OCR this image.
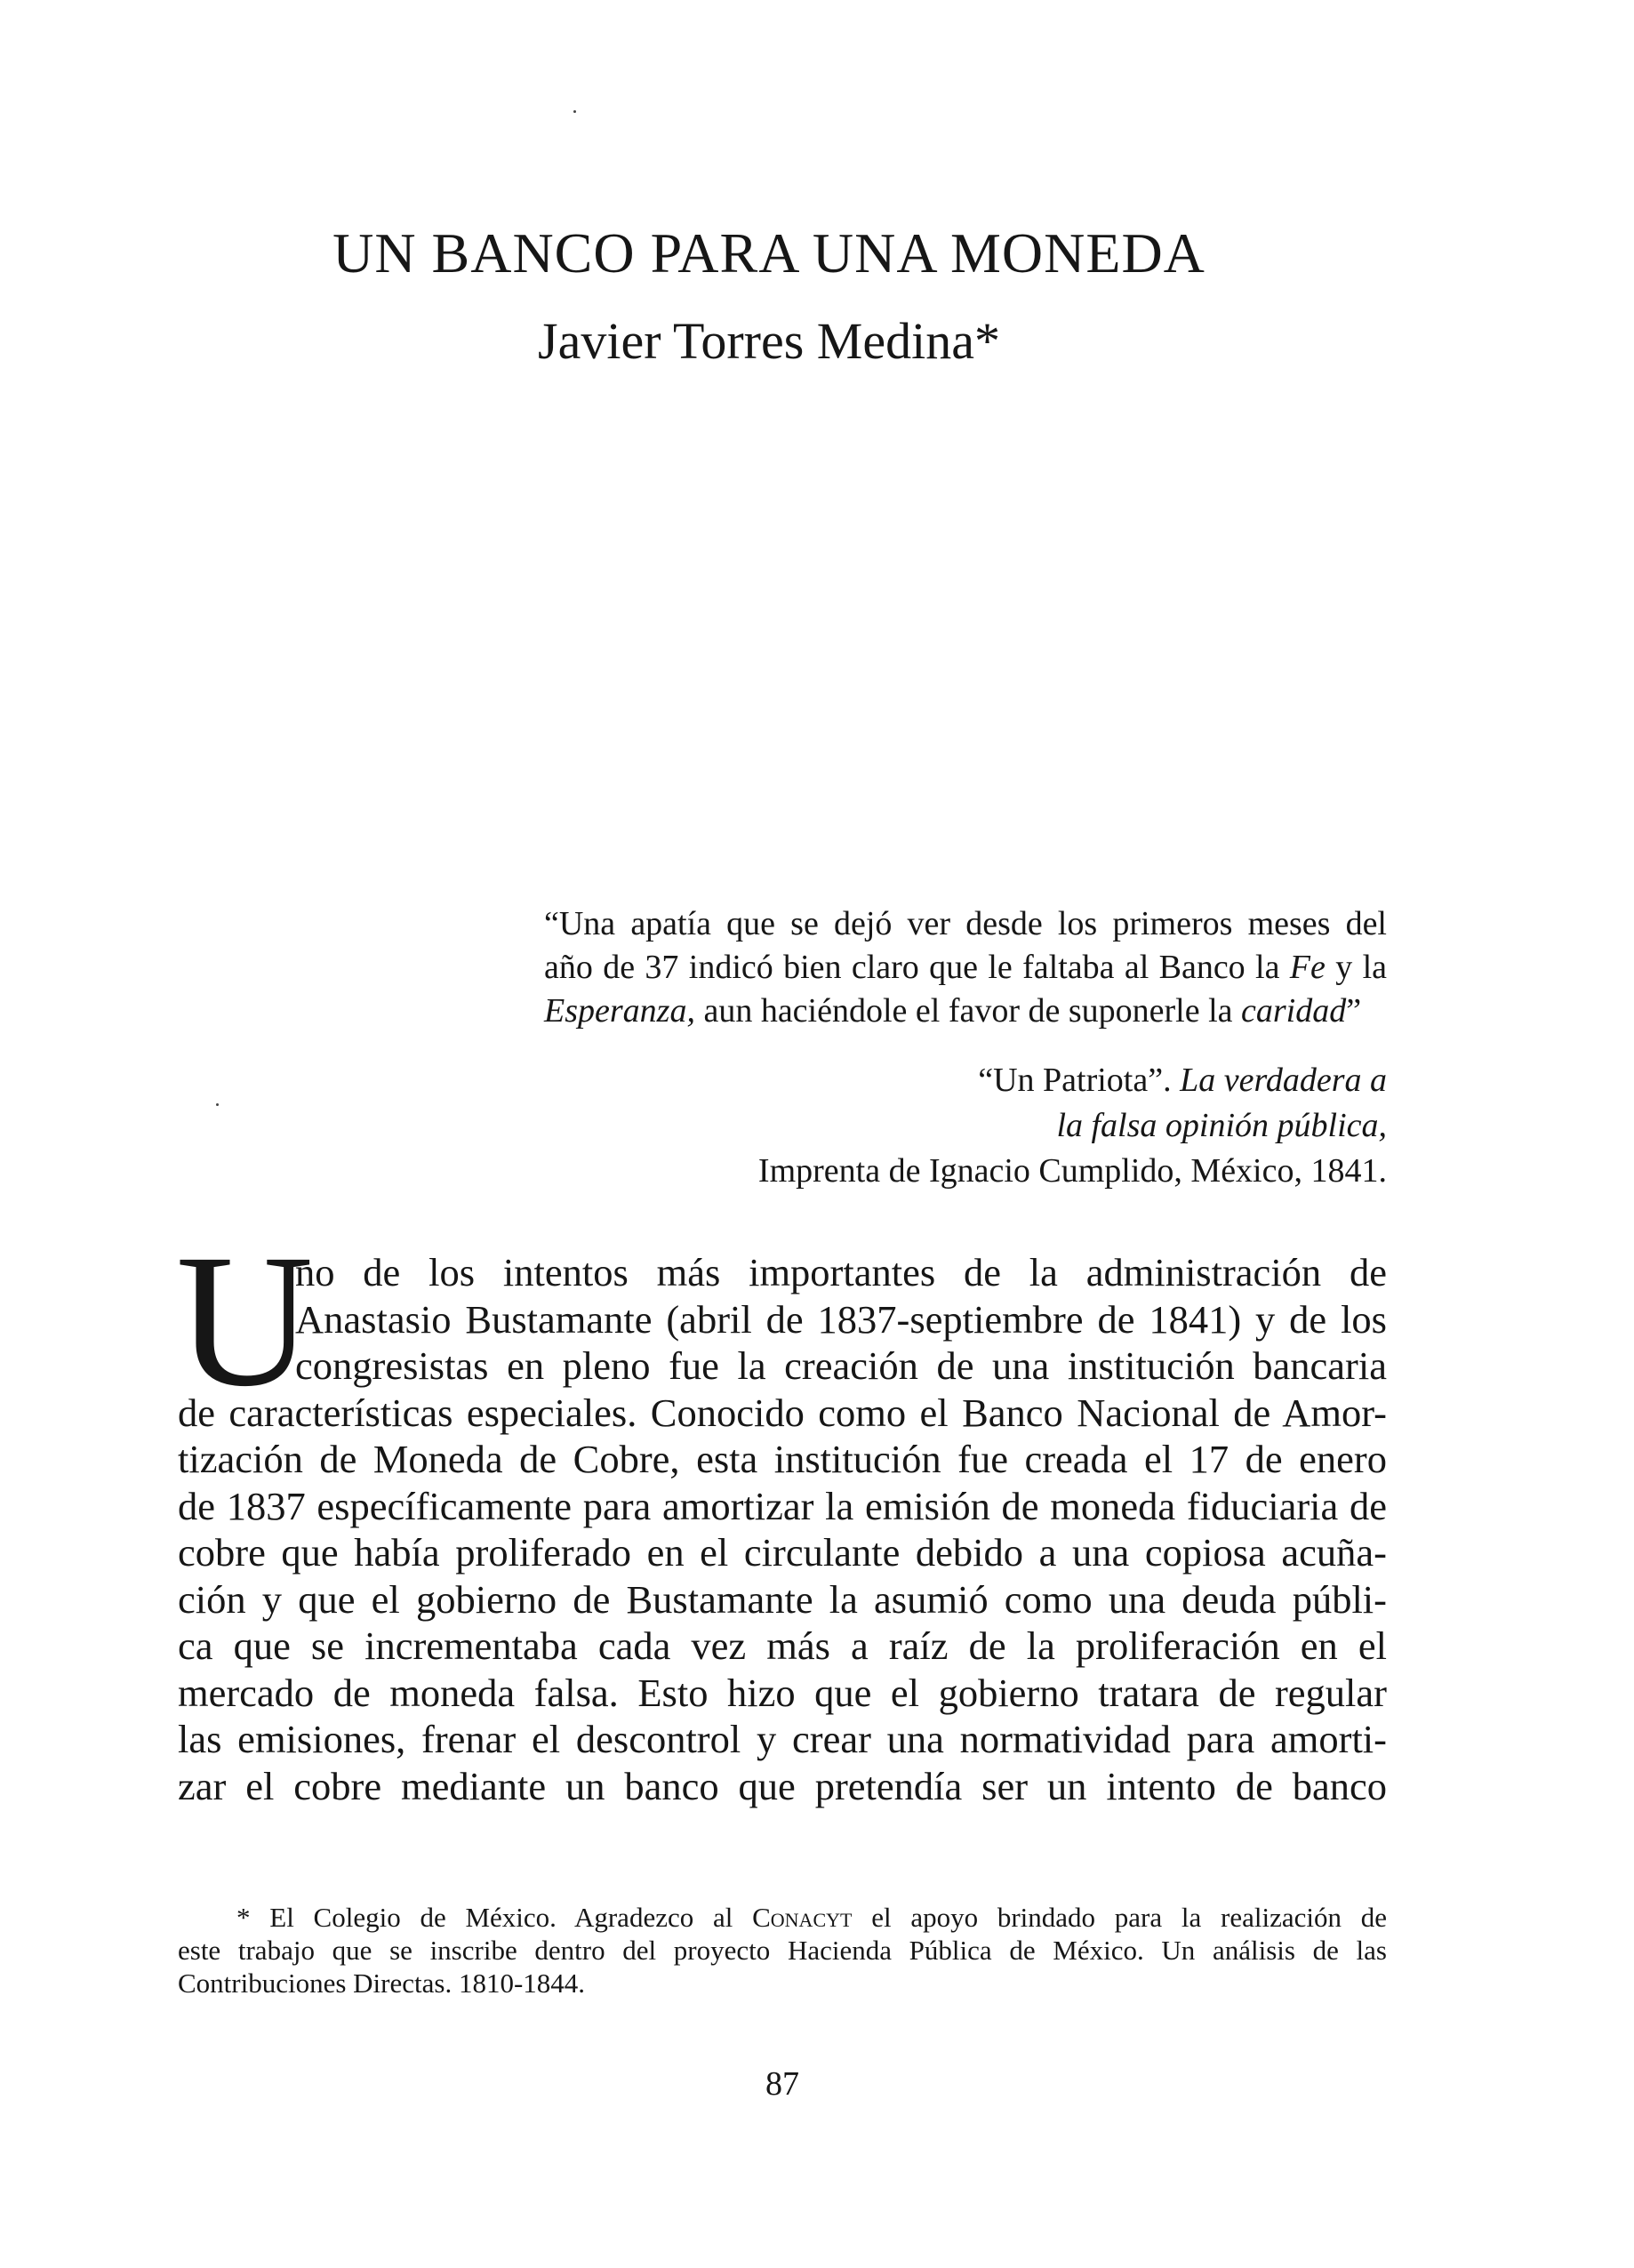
UN BANCO PARA UNA MONEDA
Javier Torres Medina*
“Una apatía que se dejó ver desde los primeros meses del
año de 37 indicó bien claro que le faltaba al Banco la Fe y la
Esperanza, aun haciéndole el favor de suponerle la caridad”
“Un Patriota”. La verdadera a
la falsa opinión pública,
Imprenta de Ignacio Cumplido, México, 1841.
U
no de los intentos más importantes de la administración de
Anastasio Bustamante (abril de 1837-septiembre de 1841) y de los
congresistas en pleno fue la creación de una institución bancaria
de características especiales. Conocido como el Banco Nacional de Amor-
tización de Moneda de Cobre, esta institución fue creada el 17 de enero
de 1837 específicamente para amortizar la emisión de moneda fiduciaria de
cobre que había proliferado en el circulante debido a una copiosa acuña-
ción y que el gobierno de Bustamante la asumió como una deuda públi-
ca que se incrementaba cada vez más a raíz de la proliferación en el
mercado de moneda falsa. Esto hizo que el gobierno tratara de regular
las emisiones, frenar el descontrol y crear una normatividad para amorti-
zar el cobre mediante un banco que pretendía ser un intento de banco
* El Colegio de México. Agradezco al Conacyt el apoyo brindado para la realización de
este trabajo que se inscribe dentro del proyecto Hacienda Pública de México. Un análisis de las
Contribuciones Directas. 1810-1844.
87
